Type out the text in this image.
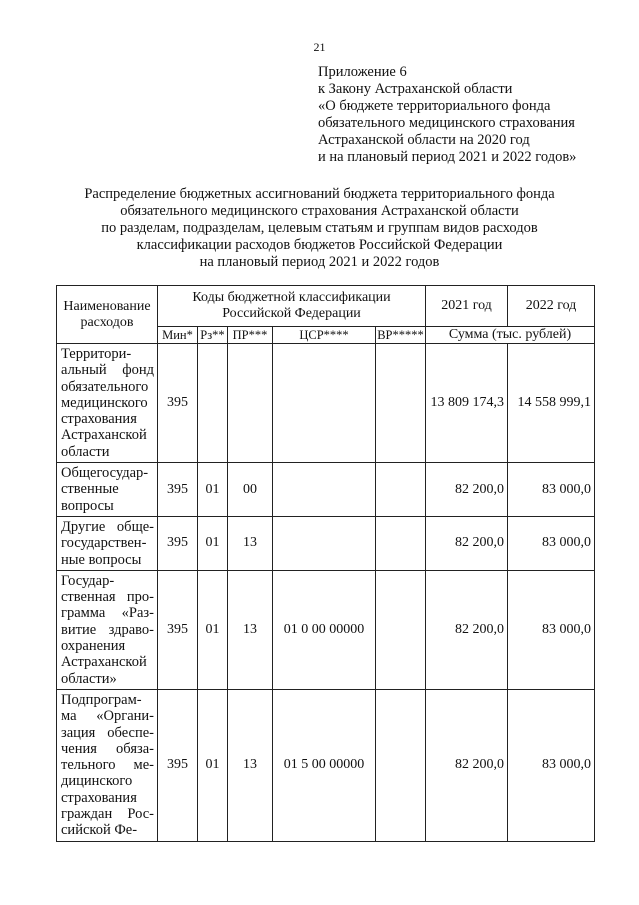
21
Приложение 6
к Закону Астраханской области
«О бюджете территориального фонда
обязательного медицинского страхования
Астраханской области на 2020 год
и на плановый период 2021 и 2022 годов»
Распределение бюджетных ассигнований бюджета территориального фонда
обязательного медицинского страхования Астраханской области
по разделам, подразделам, целевым статьям и группам видов расходов
классификации расходов бюджетов Российской Федерации
на плановый период 2021 и 2022 годов
Наименование расходов	Коды бюджетной классификации Российской Федерации					2021 год	2022 год
	Мин*	Рз**	ПР***	ЦСР****	ВР*****	Сумма (тыс. рублей)	
Территори-альный фонд обязательного медицинского страхования Астраханской области	395					13 809 174,3	14 558 999,1
Общегосудар-ственные вопросы	395	01	00			82 200,0	83 000,0
Другие обще-государствен-ные вопросы	395	01	13			82 200,0	83 000,0
Государ-ственная про-грамма «Раз-витие здраво-охранения Астраханской области»	395	01	13	01 0 00 00000		82 200,0	83 000,0
Подпрограм-ма «Органи-зация обеспе-чения обяза-тельного ме-дицинского страхования граждан Рос-сийской Фе-	395	01	13	01 5 00 00000		82 200,0	83 000,0
